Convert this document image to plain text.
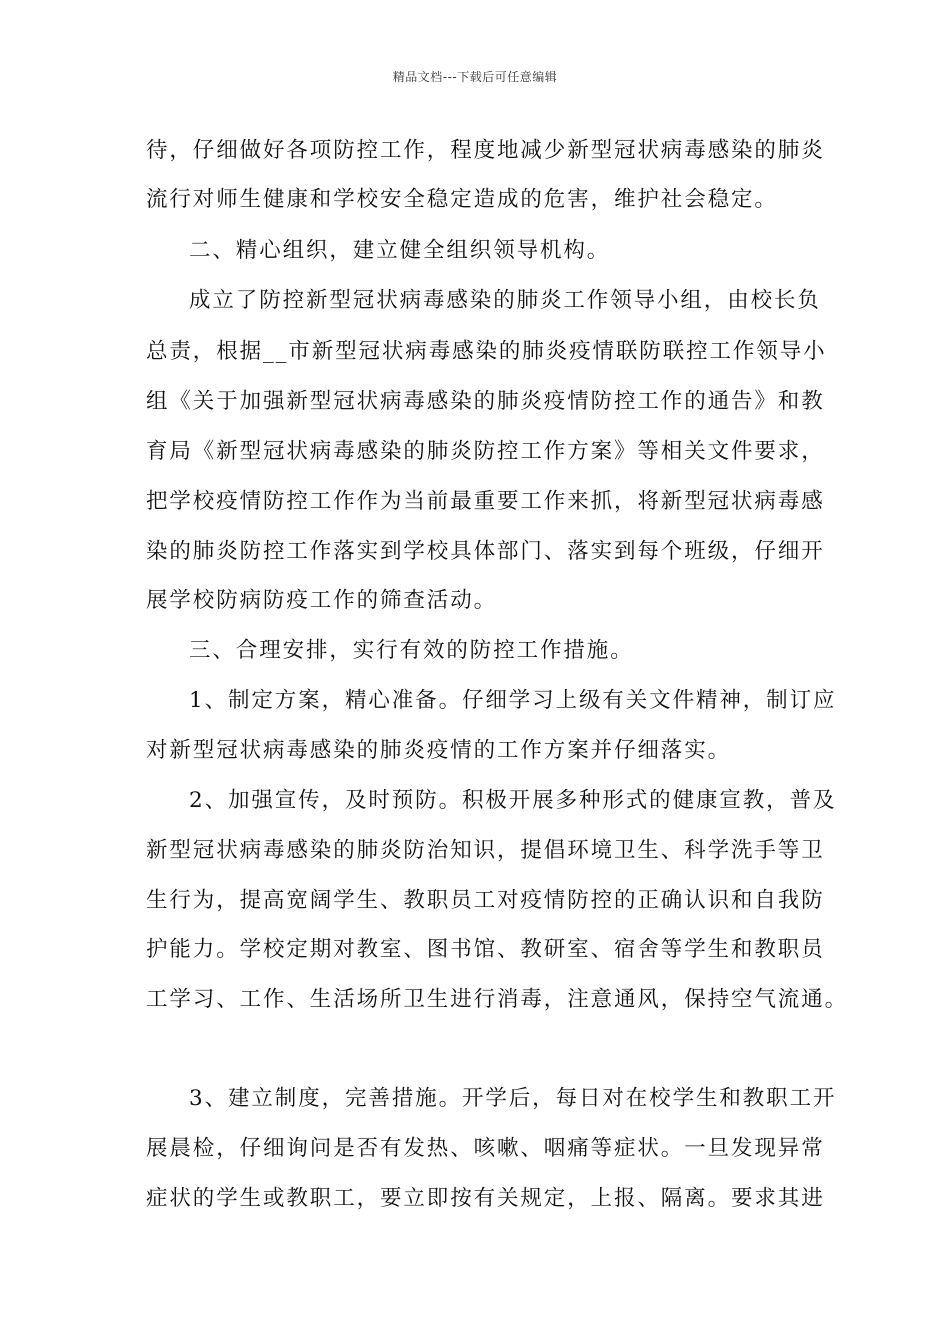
精品文档---下载后可任意编辑
待，仔细做好各项防控工作，程度地减少新型冠状病毒感染的肺炎
流行对师生健康和学校安全稳定造成的危害，维护社会稳定。
二、精心组织，建立健全组织领导机构。
成立了防控新型冠状病毒感染的肺炎工作领导小组，由校长负
总责，根据__市新型冠状病毒感染的肺炎疫情联防联控工作领导小
组《关于加强新型冠状病毒感染的肺炎疫情防控工作的通告》和教
育局《新型冠状病毒感染的肺炎防控工作方案》等相关文件要求，
把学校疫情防控工作作为当前最重要工作来抓，将新型冠状病毒感
染的肺炎防控工作落实到学校具体部门、落实到每个班级，仔细开
展学校防病防疫工作的筛查活动。
三、合理安排，实行有效的防控工作措施。
1、制定方案，精心准备。仔细学习上级有关文件精神，制订应
对新型冠状病毒感染的肺炎疫情的工作方案并仔细落实。
2、加强宣传，及时预防。积极开展多种形式的健康宣教，普及
新型冠状病毒感染的肺炎防治知识，提倡环境卫生、科学洗手等卫
生行为，提高宽阔学生、教职员工对疫情防控的正确认识和自我防
护能力。学校定期对教室、图书馆、教研室、宿舍等学生和教职员
工学习、工作、生活场所卫生进行消毒，注意通风，保持空气流通。
3、建立制度，完善措施。开学后，每日对在校学生和教职工开
展晨检，仔细询问是否有发热、咳嗽、咽痛等症状。一旦发现异常
症状的学生或教职工，要立即按有关规定，上报、隔离。要求其进
